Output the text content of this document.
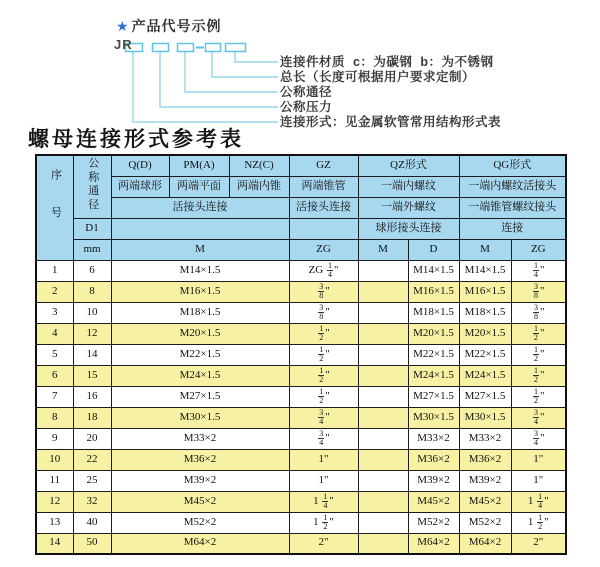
★ 产品代号示例
JR
连接件材质  c：为碳钢  b：为不锈钢
总长（长度可根据用户要求定制）
公称通径
公称压力
连接形式：见金属软管常用结构形式表
螺母连接形式参考表
序号	公称通径	Q(D)	PM(A)	NZ(C)	GZ	QZ形式		QG形式	
		两端球形	两端平面	两端内锥	两端锥管	一端内螺纹		一端内螺纹活接头	
		活接头连接			活接头连接	一端外螺纹		一端锥管螺纹接头	
	D1					球形接头连接		连接	
	mm	M			ZG	M	D	M	ZG
1	6	M14×1.5			ZG $\frac{1}{4}$ "		M14×1.5	M14×1.5	$\frac{1}{4}$ "
2	8	M16×1.5			$\frac{3}{8}$ "		M16×1.5	M16×1.5	$\frac{3}{8}$ "
3	10	M18×1.5			$\frac{3}{8}$ "		M18×1.5	M18×1.5	$\frac{3}{8}$ "
4	12	M20×1.5			$\frac{1}{2}$ "		M20×1.5	M20×1.5	$\frac{1}{2}$ "
5	14	M22×1.5			$\frac{1}{2}$ "		M22×1.5	M22×1.5	$\frac{1}{2}$ "
6	15	M24×1.5			$\frac{1}{2}$ "		M24×1.5	M24×1.5	$\frac{1}{2}$ "
7	16	M27×1.5			$\frac{1}{2}$ "		M27×1.5	M27×1.5	$\frac{1}{2}$ "
8	18	M30×1.5			$\frac{3}{4}$ "		M30×1.5	M30×1.5	$\frac{3}{4}$ "
9	20	M33×2			$\frac{3}{4}$ "		M33×2	M33×2	$\frac{3}{4}$ "
10	22	M36×2			1"		M36×2	M36×2	1"
11	25	M39×2			1"		M39×2	M39×2	1"
12	32	M45×2			$1 \frac{1}{4}$ "		M45×2	M45×2	$1 \frac{1}{4}$ "
13	40	M52×2			$1 \frac{1}{2}$ "		M52×2	M52×2	$1 \frac{1}{2}$ "
14	50	M64×2			2"		M64×2	M64×2	2"
